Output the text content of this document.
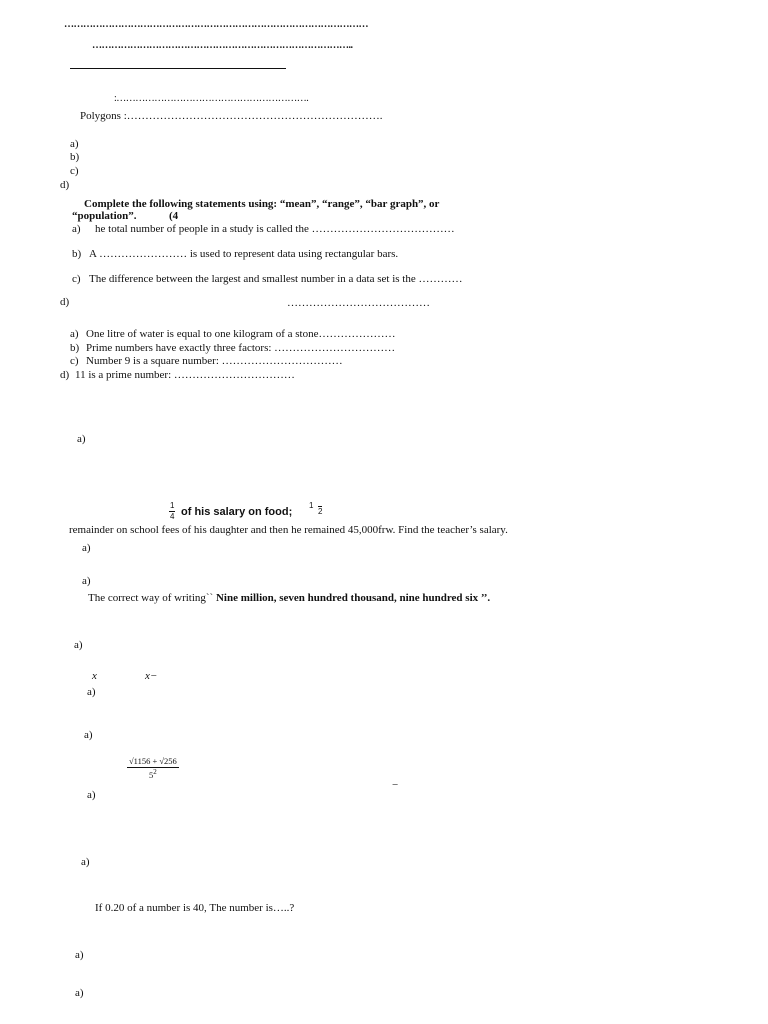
……………………………………………………………………………………
………………………………………………………………………..
:…………………………………………………….
Polygons :…………………………………………………………….
a)
b)
c)
d)
Complete the following statements using: “mean”, “range”, “bar graph”, or
“population”.	(4
a) he total number of people in a study is called the …………………………………
b) A …………………… is used to represent data using rectangular bars.
c) The difference between the largest and smallest number in a data set is the …………
d)	…………………………………
a) One litre of water is equal to one kilogram of a stone…………………
b) Prime numbers have exactly three factors: ……………………………
c) Number 9 is a square number: ……………………………
d) 11 is a prime number: ……………………………
a)
$\frac{1}{4}$ of his salary on food;
1
2
remainder on school fees of his daughter and then he remained 45,000frw. Find the teacher’s salary.
a)
a)
The correct way of writing`` Nine million, seven hundred thousand, nine hundred six ’’.
a)
x	x−
a)
a)
$\frac{√1156 + √256}{5^2}$
a)
−
a)
If 0.20 of a number is 40, The number is…..?
a)
a)
